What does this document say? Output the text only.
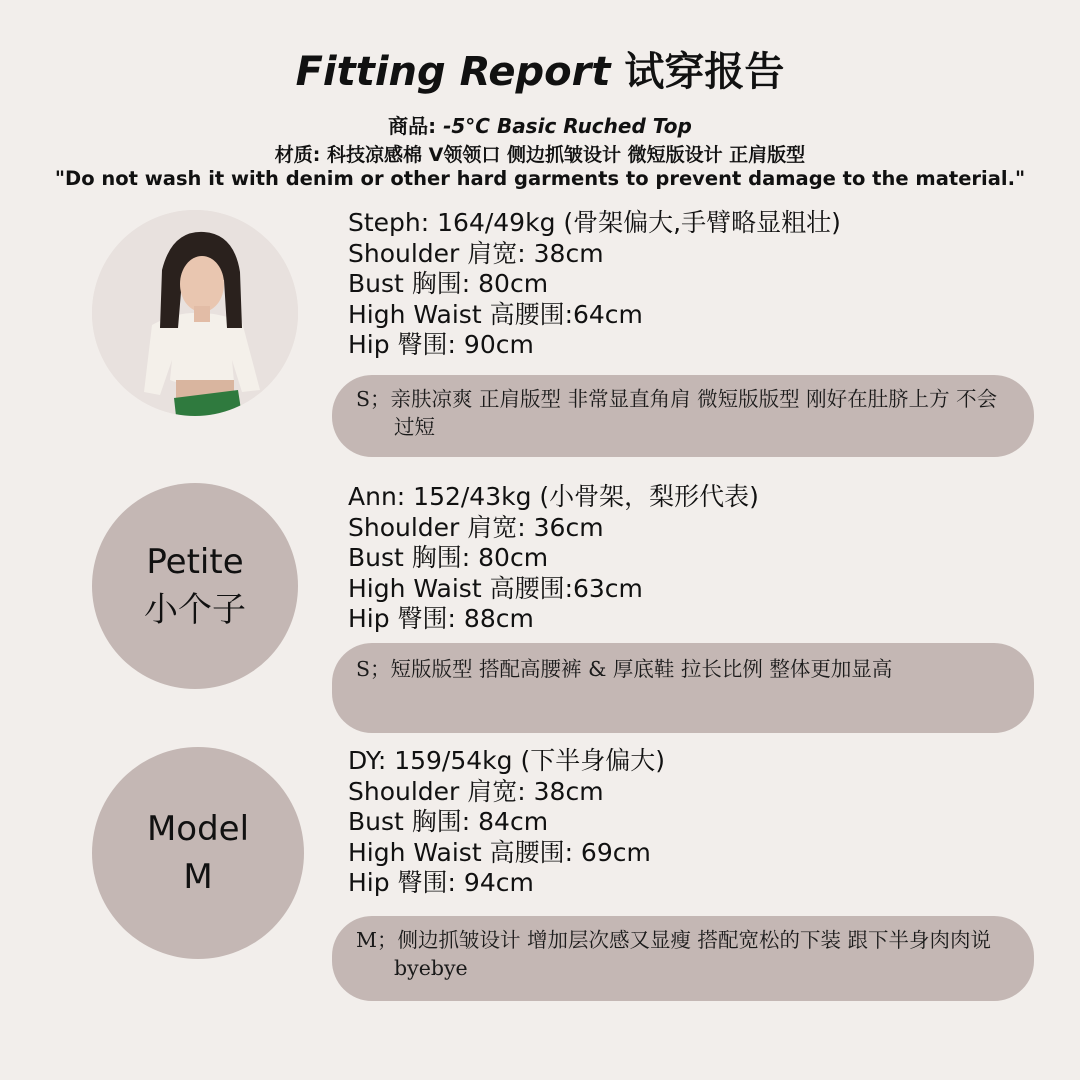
Fitting Report 试穿报告

商品: -5°C Basic Ruched Top

材质: 科技凉感棉 V领领口 侧边抓皱设计 微短版设计 正肩版型

"Do not wash it with denim or other hard garments to prevent damage to the material."

Steph: 164/49kg (骨架偏大,手臂略显粗壮)
Shoulder 肩宽: 38cm
Bust 胸围: 80cm
High Waist 高腰围:64cm
Hip 臀围: 90cm
S；亲肤凉爽 正肩版型 非常显直角肩 微短版版型 刚好在肚脐上方 不会过短
Petite
小个子
Ann: 152/43kg (小骨架，梨形代表)
Shoulder 肩宽: 36cm
Bust 胸围: 80cm
High Waist 高腰围:63cm
Hip 臀围: 88cm
S；短版版型 搭配高腰裤 & 厚底鞋 拉长比例 整体更加显高
Model
M
DY: 159/54kg (下半身偏大)
Shoulder 肩宽: 38cm
Bust 胸围: 84cm
High Waist 高腰围: 69cm
Hip 臀围: 94cm
M；侧边抓皱设计 增加层次感又显瘦 搭配宽松的下装 跟下半身肉肉说byebye
